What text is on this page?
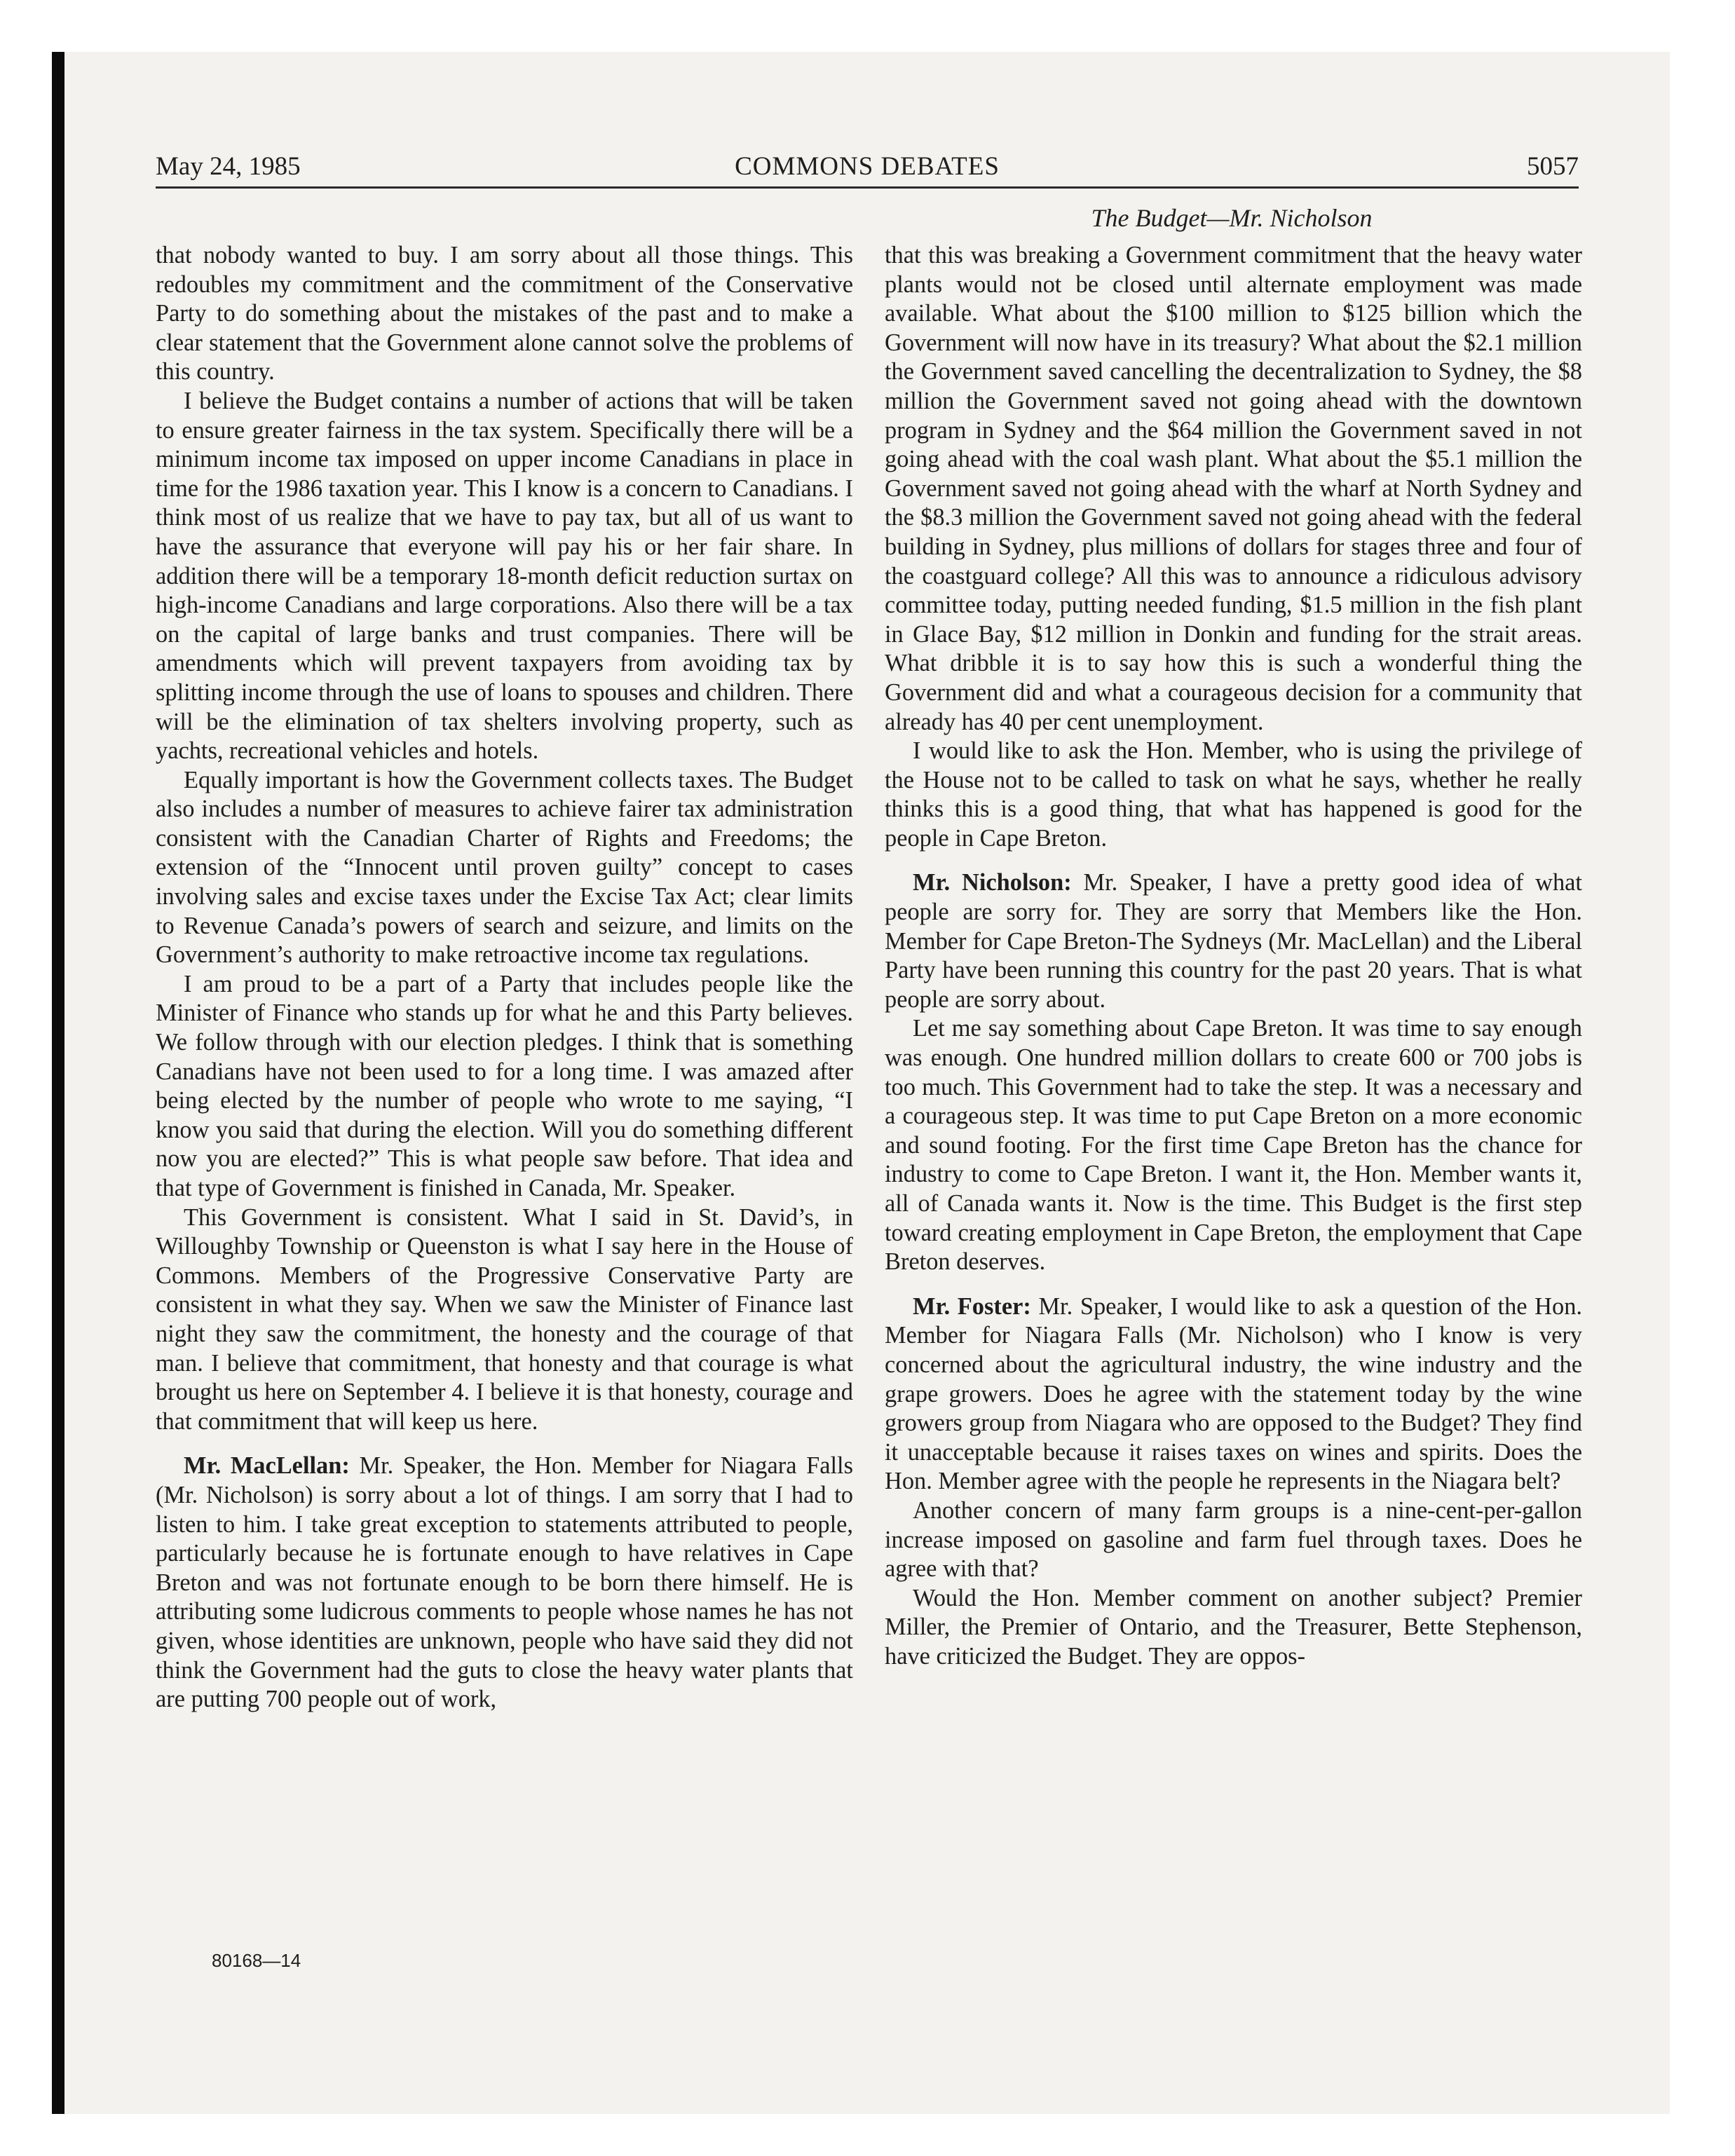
COMMONS DEBATES
May 24, 1985	5057
The Budget—Mr. Nicholson

that nobody wanted to buy. I am sorry about all those things. This redoubles my commitment and the commitment of the Conservative Party to do something about the mistakes of the past and to make a clear statement that the Government alone cannot solve the problems of this country.

I believe the Budget contains a number of actions that will be taken to ensure greater fairness in the tax system. Specifically there will be a minimum income tax imposed on upper income Canadians in place in time for the 1986 taxation year. This I know is a concern to Canadians. I think most of us realize that we have to pay tax, but all of us want to have the assurance that everyone will pay his or her fair share. In addition there will be a temporary 18-month deficit reduction surtax on high-income Canadians and large corporations. Also there will be a tax on the capital of large banks and trust companies. There will be amendments which will prevent taxpayers from avoiding tax by splitting income through the use of loans to spouses and children. There will be the elimination of tax shelters involving property, such as yachts, recreational vehicles and hotels.

Equally important is how the Government collects taxes. The Budget also includes a number of measures to achieve fairer tax administration consistent with the Canadian Charter of Rights and Freedoms; the extension of the “Innocent until proven guilty” concept to cases involving sales and excise taxes under the Excise Tax Act; clear limits to Revenue Canada’s powers of search and seizure, and limits on the Government’s authority to make retroactive income tax regulations.

I am proud to be a part of a Party that includes people like the Minister of Finance who stands up for what he and this Party believes. We follow through with our election pledges. I think that is something Canadians have not been used to for a long time. I was amazed after being elected by the number of people who wrote to me saying, “I know you said that during the election. Will you do something different now you are elected?” This is what people saw before. That idea and that type of Government is finished in Canada, Mr. Speaker.

This Government is consistent. What I said in St. David’s, in Willoughby Township or Queenston is what I say here in the House of Commons. Members of the Progressive Conservative Party are consistent in what they say. When we saw the Minister of Finance last night they saw the commitment, the honesty and the courage of that man. I believe that commitment, that honesty and that courage is what brought us here on September 4. I believe it is that honesty, courage and that commitment that will keep us here.

Mr. MacLellan: Mr. Speaker, the Hon. Member for Niagara Falls (Mr. Nicholson) is sorry about a lot of things. I am sorry that I had to listen to him. I take great exception to statements attributed to people, particularly because he is fortunate enough to have relatives in Cape Breton and was not fortunate enough to be born there himself. He is attributing some ludicrous comments to people whose names he has not given, whose identities are unknown, people who have said they did not think the Government had the guts to close the heavy water plants that are putting 700 people out of work,

that this was breaking a Government commitment that the heavy water plants would not be closed until alternate employment was made available. What about the $100 million to $125 billion which the Government will now have in its treasury? What about the $2.1 million the Government saved cancelling the decentralization to Sydney, the $8 million the Government saved not going ahead with the downtown program in Sydney and the $64 million the Government saved in not going ahead with the coal wash plant. What about the $5.1 million the Government saved not going ahead with the wharf at North Sydney and the $8.3 million the Government saved not going ahead with the federal building in Sydney, plus millions of dollars for stages three and four of the coastguard college? All this was to announce a ridiculous advisory committee today, putting needed funding, $1.5 million in the fish plant in Glace Bay, $12 million in Donkin and funding for the strait areas. What dribble it is to say how this is such a wonderful thing the Government did and what a courageous decision for a community that already has 40 per cent unemployment.

I would like to ask the Hon. Member, who is using the privilege of the House not to be called to task on what he says, whether he really thinks this is a good thing, that what has happened is good for the people in Cape Breton.

Mr. Nicholson: Mr. Speaker, I have a pretty good idea of what people are sorry for. They are sorry that Members like the Hon. Member for Cape Breton-The Sydneys (Mr. MacLellan) and the Liberal Party have been running this country for the past 20 years. That is what people are sorry about.

Let me say something about Cape Breton. It was time to say enough was enough. One hundred million dollars to create 600 or 700 jobs is too much. This Government had to take the step. It was a necessary and a courageous step. It was time to put Cape Breton on a more economic and sound footing. For the first time Cape Breton has the chance for industry to come to Cape Breton. I want it, the Hon. Member wants it, all of Canada wants it. Now is the time. This Budget is the first step toward creating employment in Cape Breton, the employment that Cape Breton deserves.

Mr. Foster: Mr. Speaker, I would like to ask a question of the Hon. Member for Niagara Falls (Mr. Nicholson) who I know is very concerned about the agricultural industry, the wine industry and the grape growers. Does he agree with the statement today by the wine growers group from Niagara who are opposed to the Budget? They find it unacceptable because it raises taxes on wines and spirits. Does the Hon. Member agree with the people he represents in the Niagara belt?

Another concern of many farm groups is a nine-cent-per-gallon increase imposed on gasoline and farm fuel through taxes. Does he agree with that?

Would the Hon. Member comment on another subject? Premier Miller, the Premier of Ontario, and the Treasurer, Bette Stephenson, have criticized the Budget. They are oppos-

80168—14
